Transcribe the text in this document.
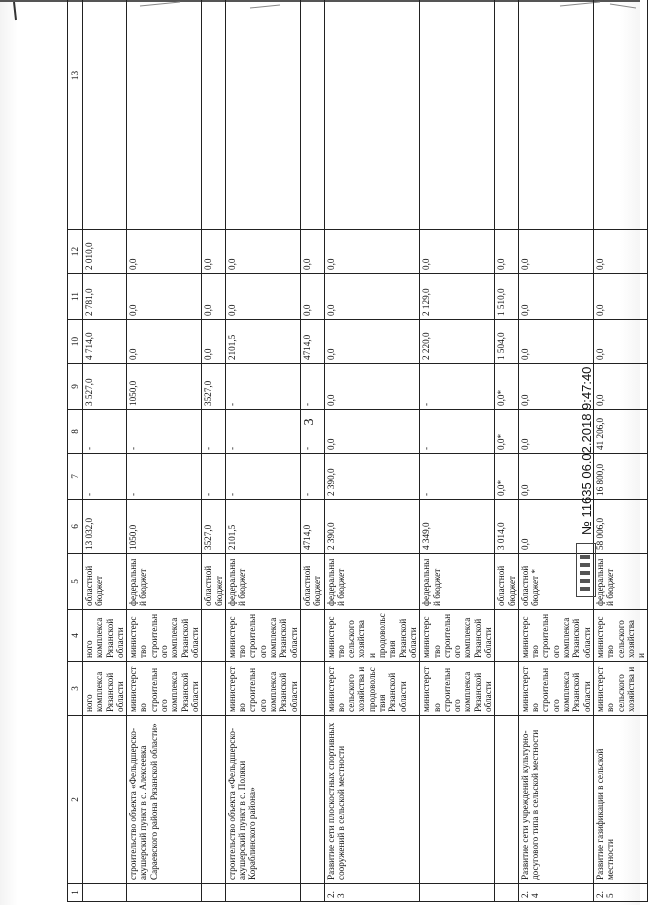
3
1	2	3	4	5	6	7	8	9	10	11	12	13
		ного комплекса Рязанской области	ного комплекса Рязанской области	областной бюджет	13 032,0	-	-	3 527,0	4 714,0	2 781,0	2 010,0	
	строительство объекта «Фельдшерско-акушерский пункт в с. Алексеевка Сараевского района Рязанской области»	министерство строительного комплекса Рязанской области	министерство строительного комплекса Рязанской области	федеральный бюджет	1050,0	-	-	1050,0	0,0	0,0	0,0	
				областной бюджет	3527,0	-	-	3527,0	0,0	0,0	0,0	
	строительство объекта «Фельдшерско-акушерский пункт в с. Поляки Кораблинского района»	министерство строительного комплекса Рязанской области	министерство строительного комплекса Рязанской области	федеральный бюджет	2101,5	-	-	-	2101,5	0,0	0,0	
				областной бюджет	4714,0	-	-	-	4714,0	0,0	0,0	
2.3	Развитие сети плоскостных спортивных сооружений в сельской местности	министерство сельского хозяйства и продовольствия Рязанской области	министерство сельского хозяйства и продовольствия Рязанской области	федеральный бюджет	2 390,0	2 390,0	0,0	0,0	0,0	0,0	0,0	
		министерство строительного комплекса Рязанской области	министерство строительного комплекса Рязанской области	федеральный бюджет	4 349,0	-	-	-	2 220,0	2 129,0	0,0	
				областной бюджет	3 014,0	0,0*	0,0*	0,0*	1 504,0	1 510,0	0,0	
2.4	Развитие сети учреждений культурно-досугового типа в сельской местности	министерство строительного комплекса Рязанской области	министерство строительного комплекса Рязанской области	областной бюджет *	0,0	0,0	0,0	0,0	0,0	0,0	0,0	
2.5	Развитие газификации в сельской местности	министерство сельского хозяйства и	министерство сельского хозяйства и	федеральный бюджет	58 006,0	16 800,0	41 206,0	0,0	0,0	0,0	0,0	
№ 11635 06.02.2018 9:47:40
